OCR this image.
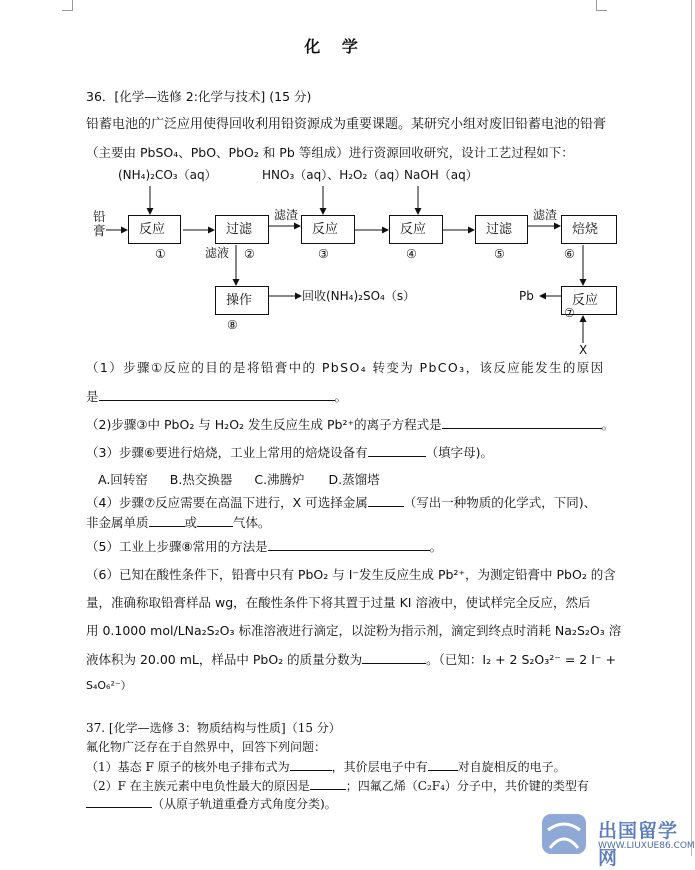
化 学
36．[化学—选修 2:化学与技术] (15 分)
铅蓄电池的广泛应用使得回收利用铅资源成为重要课题。某研究小组对废旧铅蓄电池的铅膏
（主要由 PbSO₄、PbO、PbO₂ 和 Pb 等组成）进行资源回收研究，设计工艺过程如下：
(NH₄)₂CO₃（aq）	HNO₃（aq）、H₂O₂（aq）
NaOH（aq）
铅膏	反应	过滤	反应	反应	过滤	焙烧
反应
操作
①	②	③	④	⑤	⑥
⑦
⑧
滤渣	滤渣
滤液
回收(NH₄)₂SO₄（s）	Pb
X
（1）步骤①反应的目的是将铅膏中的 PbSO₄ 转变为 PbCO₃，该反应能发生的原因
是	。
（2)步骤③中 PbO₂ 与 H₂O₂ 发生反应生成 Pb²⁺的离子方程式是	。
（3）步骤⑥要进行焙烧，工业上常用的焙烧设备有	（填字母)。
A.回转窑 B.热交换器 C.沸腾炉 D.蒸馏塔
（4）步骤⑦反应需要在高温下进行，X 可选择金属	（写出一种物质的化学式，下同)、
非金属单质	或	气体。
（5）工业上步骤⑧常用的方法是	。
（6）已知在酸性条件下，铅膏中只有 PbO₂ 与 I⁻发生反应生成 Pb²⁺，为测定铅膏中 PbO₂ 的含
量，准确称取铅膏样品 wg，在酸性条件下将其置于过量 KI 溶液中，使试样完全反应，然后
用 0.1000 mol/LNa₂S₂O₃ 标准溶液进行滴定，以淀粉为指示剂，滴定到终点时消耗 Na₂S₂O₃ 溶
液体积为 20.00 mL，样品中 PbO₂ 的质量分数为	。（已知：I₂ + 2 S₂O₃²⁻ = 2 I⁻ +
S₄O₆²⁻）
37. [化学—选修 3：物质结构与性质]（15 分）
氟化物广泛存在于自然界中，回答下列问题：
（1）基态 F 原子的核外电子排布式为	，其价层电子中有	对自旋相反的电子。
（2）F 在主族元素中电负性最大的原因是	；四氟乙烯（C₂F₄）分子中，共价键的类型有
（从原子轨道重叠方式角度分类)。
出国留学网
WWW.LIUXUE86.COM
